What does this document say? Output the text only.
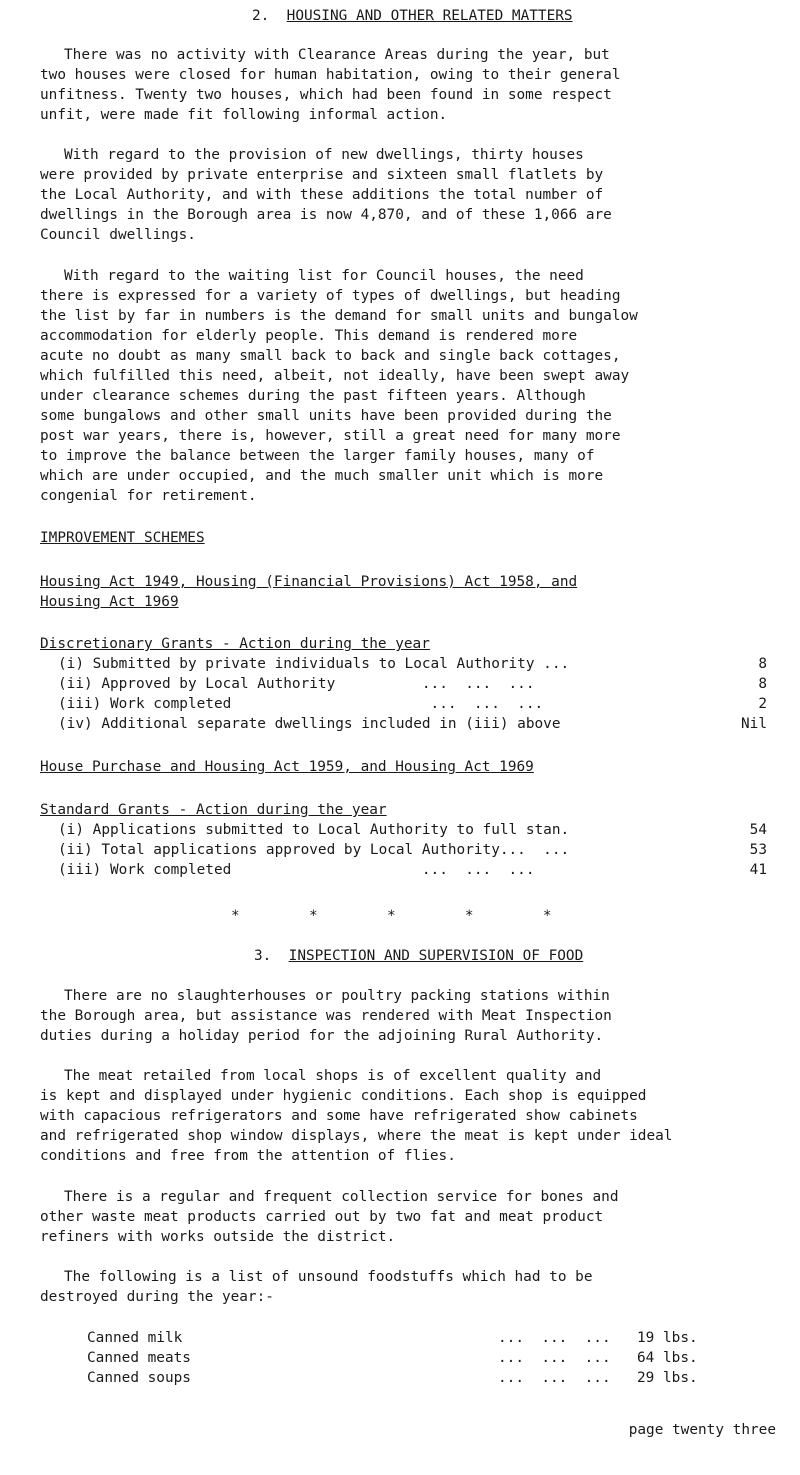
2. HOUSING AND OTHER RELATED MATTERS
There was no activity with Clearance Areas during the year, but
two houses were closed for human habitation, owing to their general
unfitness. Twenty two houses, which had been found in some respect
unfit, were made fit following informal action.
With regard to the provision of new dwellings, thirty houses
were provided by private enterprise and sixteen small flatlets by
the Local Authority, and with these additions the total number of
dwellings in the Borough area is now 4,870, and of these 1,066 are
Council dwellings.
With regard to the waiting list for Council houses, the need
there is expressed for a variety of types of dwellings, but heading
the list by far in numbers is the demand for small units and bungalow
accommodation for elderly people. This demand is rendered more
acute no doubt as many small back to back and single back cottages,
which fulfilled this need, albeit, not ideally, have been swept away
under clearance schemes during the past fifteen years. Although
some bungalows and other small units have been provided during the
post war years, there is, however, still a great need for many more
to improve the balance between the larger family houses, many of
which are under occupied, and the much smaller unit which is more
congenial for retirement.
IMPROVEMENT SCHEMES
Housing Act 1949, Housing (Financial Provisions) Act 1958, and
Housing Act 1969
Discretionary Grants - Action during the year
(i) Submitted by private individuals to Local Authority ...	8
(ii) Approved by Local Authority          ...  ...  ...	8
(iii) Work completed                       ...  ...  ...	2
(iv) Additional separate dwellings included in (iii) above	Nil
House Purchase and Housing Act 1959, and Housing Act 1969
Standard Grants - Action during the year
(i) Applications submitted to Local Authority to full stan.	54
(ii) Total applications approved by Local Authority...  ...	53
(iii) Work completed                      ...  ...  ...	41
*        *        *        *        *
3. INSPECTION AND SUPERVISION OF FOOD
There are no slaughterhouses or poultry packing stations within
the Borough area, but assistance was rendered with Meat Inspection
duties during a holiday period for the adjoining Rural Authority.
The meat retailed from local shops is of excellent quality and
is kept and displayed under hygienic conditions. Each shop is equipped
with capacious refrigerators and some have refrigerated show cabinets
and refrigerated shop window displays, where the meat is kept under ideal
conditions and free from the attention of flies.
There is a regular and frequent collection service for bones and
other waste meat products carried out by two fat and meat product
refiners with works outside the district.
The following is a list of unsound foodstuffs which had to be
destroyed during the year:-
Canned milk	...  ...  ... 19 lbs.
Canned meats	...  ...  ... 64 lbs.
Canned soups	...  ...  ... 29 lbs.
page twenty three
